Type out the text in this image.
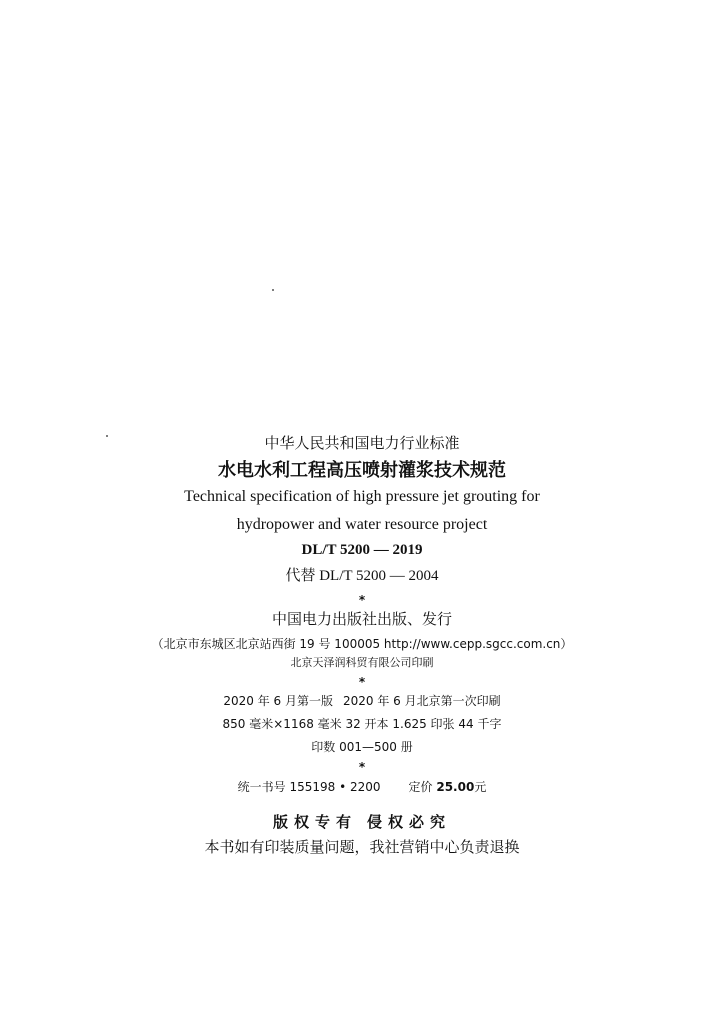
中华人民共和国电力行业标准
水电水利工程高压喷射灌浆技术规范
Technical specification of high pressure jet grouting for
hydropower and water resource project
DL/T 5200 — 2019
代替 DL/T 5200 — 2004
*
中国电力出版社出版、发行
（北京市东城区北京站西街 19 号 100005 http://www.cepp.sgcc.com.cn）
北京天泽润科贸有限公司印刷
*
2020 年 6 月第一版 2020 年 6 月北京第一次印刷
850 毫米×1168 毫米 32 开本 1.625 印张 44 千字
印数 001—500 册
*
统一书号 155198 • 2200 定价 25.00元
版权专有 侵权必究
本书如有印装质量问题，我社营销中心负责退换
